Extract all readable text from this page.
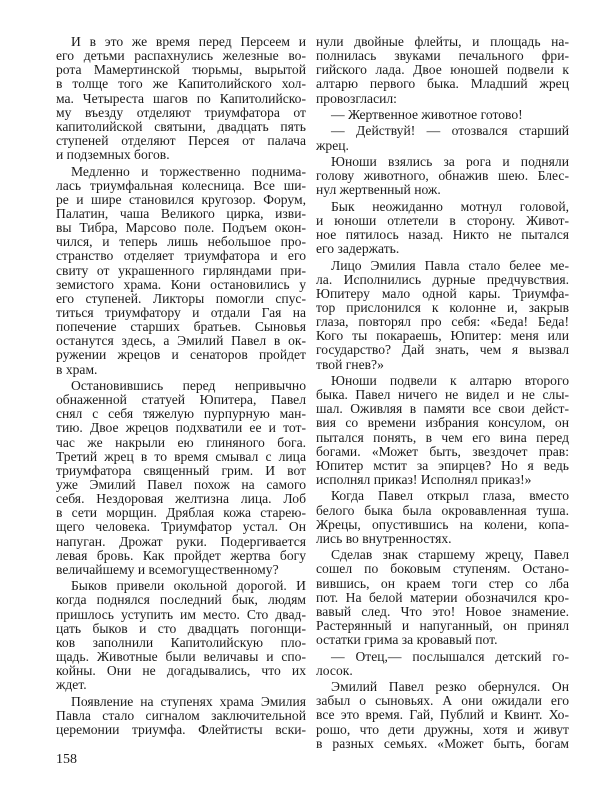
И в это же время перед Персеем и
его детьми распахнулись железные во-
рота Мамертинской тюрьмы, вырытой
в толще того же Капитолийского хол-
ма. Четыреста шагов по Капитолийско-
му въезду отделяют триумфатора от
капитолийской святыни, двадцать пять
ступеней отделяют Персея от палача
и подземных богов.
Медленно и торжественно поднима-
лась триумфальная колесница. Все ши-
ре и шире становился кругозор. Форум,
Палатин, чаша Великого цирка, изви-
вы Тибра, Марсово поле. Подъем окон-
чился, и теперь лишь небольшое про-
странство отделяет триумфатора и его
свиту от украшенного гирляндами при-
земистого храма. Кони остановились у
его ступеней. Ликторы помогли спус-
титься триумфатору и отдали Гая на
попечение старших братьев. Сыновья
останутся здесь, а Эмилий Павел в ок-
ружении жрецов и сенаторов пройдет
в храм.
Остановившись перед непривычно
обнаженной статуей Юпитера, Павел
снял с себя тяжелую пурпурную ман-
тию. Двое жрецов подхватили ее и тот-
час же накрыли ею глиняного бога.
Третий жрец в то время смывал с лица
триумфатора священный грим. И вот
уже Эмилий Павел похож на самого
себя. Нездоровая желтизна лица. Лоб
в сети морщин. Дряблая кожа старею-
щего человека. Триумфатор устал. Он
напуган. Дрожат руки. Подергивается
левая бровь. Как пройдет жертва богу
величайшему и всемогущественному?
Быков привели окольной дорогой. И
когда поднялся последний бык, людям
пришлось уступить им место. Сто двад-
цать быков и сто двадцать погонщи-
ков заполнили Капитолийскую пло-
щадь. Животные были величавы и спо-
койны. Они не догадывались, что их
ждет.
Появление на ступенях храма Эмилия
Павла стало сигналом заключительной
церемонии триумфа. Флейтисты вски-
нули двойные флейты, и площадь на-
полнилась звуками печального фри-
гийского лада. Двое юношей подвели к
алтарю первого быка. Младший жрец
провозгласил:
— Жертвенное животное готово!
— Действуй! — отозвался старший
жрец.
Юноши взялись за рога и подняли
голову животного, обнажив шею. Блес-
нул жертвенный нож.
Бык неожиданно мотнул головой,
и юноши отлетели в сторону. Живот-
ное пятилось назад. Никто не пытался
его задержать.
Лицо Эмилия Павла стало белее ме-
ла. Исполнились дурные предчувствия.
Юпитеру мало одной кары. Триумфа-
тор прислонился к колонне и, закрыв
глаза, повторял про себя: «Беда! Беда!
Кого ты покараешь, Юпитер: меня или
государство? Дай знать, чем я вызвал
твой гнев?»
Юноши подвели к алтарю второго
быка. Павел ничего не видел и не слы-
шал. Оживляя в памяти все свои дейст-
вия со времени избрания консулом, он
пытался понять, в чем его вина перед
богами. «Может быть, звездочет прав:
Юпитер мстит за эпирцев? Но я ведь
исполнял приказ! Исполнял приказ!»
Когда Павел открыл глаза, вместо
белого быка была окровавленная туша.
Жрецы, опустившись на колени, копа-
лись во внутренностях.
Сделав знак старшему жрецу, Павел
сошел по боковым ступеням. Остано-
вившись, он краем тоги стер со лба
пот. На белой материи обозначился кро-
вавый след. Что это! Новое знамение.
Растерянный и напуганный, он принял
остатки грима за кровавый пот.
— Отец,— послышался детский го-
лосок.
Эмилий Павел резко обернулся. Он
забыл о сыновьях. А они ожидали его
все это время. Гай, Публий и Квинт. Хо-
рошо, что дети дружны, хотя и живут
в разных семьях. «Может быть, богам
158
